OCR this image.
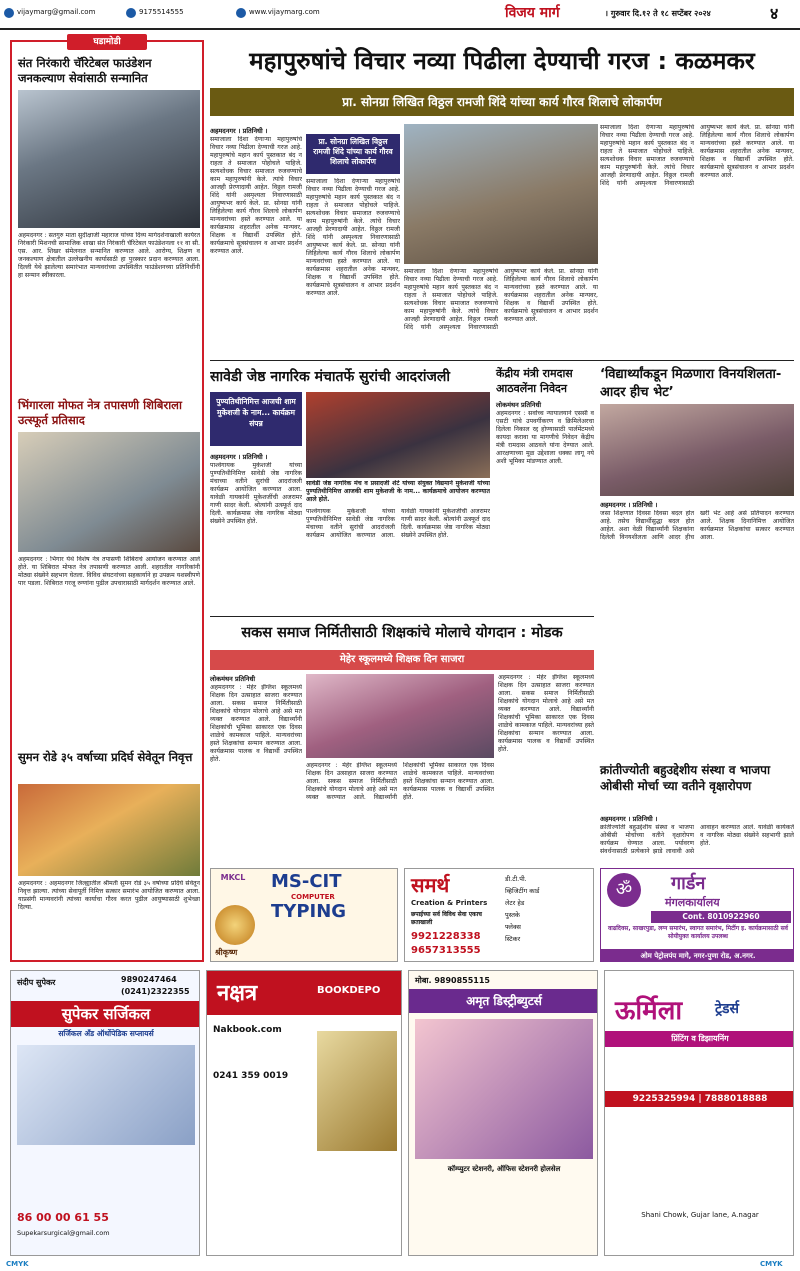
vijaymarg@gmail.com	9175514555	www.vijaymarg.com	विजय मार्ग	। गुरुवार दि.१२ ते १८ सप्टेंबर २०२४	४
घडामोडी
संत निरंकारी चॅरिटेबल फाउंडेशन जनकल्याण सेवांसाठी सन्मानित
अहमदनगर : सतगुरु माता सुदीक्षाजी महाराज यांच्या दिव्य मार्गदर्शनाखाली कार्यरत निरंकारी मिशनची सामाजिक शाखा संत निरंकारी चॅरिटेबल फाउंडेशनला ११ वा सी. एस. आर. शिखर संमेलनात सन्मानित करण्यात आले. आरोग्य, शिक्षण व जनकल्याण क्षेत्रातील उल्लेखनीय कार्यासाठी हा पुरस्कार प्रदान करण्यात आला. दिल्ली येथे झालेल्या समारंभात मान्यवरांच्या उपस्थितीत फाउंडेशनच्या प्रतिनिधींनी हा सन्मान स्वीकारला.
भिंगारला मोफत नेत्र तपासणी शिबिराला उत्स्फूर्त प्रतिसाद
अहमदनगर : भिंगार येथे विशेष नेत्र तपासणी शिबिराचे आयोजन करण्यात आले होते. या शिबिरात मोफत नेत्र तपासणी करण्यात आली. शहरातील नागरिकांनी मोठ्या संख्येने सहभाग घेतला. विविध संघटनांच्या सहकार्याने हा उपक्रम यशस्वीपणे पार पडला. शिबिरात गरजू रुग्णांना पुढील उपचारासाठी मार्गदर्शन करण्यात आले.
सुमन रोडे ३५ वर्षाच्या प्रदिर्घ सेवेतून निवृत्त
अहमदनगर : अहमदनगर जिल्ह्यातील श्रीमती सुमन रोडे ३५ वर्षाच्या प्रदिर्घ सेवेतून निवृत्त झाल्या. त्यांच्या सेवापूर्ती निमित्त सत्कार समारंभ आयोजित करण्यात आला. याप्रसंगी मान्यवरांनी त्यांच्या कार्याचा गौरव करत पुढील आयुष्यासाठी शुभेच्छा दिल्या.
महापुरुषांचे विचार नव्या पिढीला देण्याची गरज : कळमकर
प्रा. सोनग्रा लिखित विठ्ठल रामजी शिंदे यांच्या कार्य गौरव शिलाचे लोकार्पण
अहमदनगर । प्रतिनिधी ।
समाजाला दिशा देणाऱ्या महापुरुषांचे विचार नव्या पिढीला देण्याची गरज आहे. महापुरुषांचे महान कार्य पुस्तकात बंद न राहता ते समाजात पोहोचले पाहिजे. सत्यशोधक विचार समाजात रुजवण्याचे काम महापुरुषांनी केले. त्यांचे विचार आजही प्रेरणादायी आहेत. विठ्ठल रामजी शिंदे यांनी अस्पृश्यता निवारणासाठी आयुष्यभर कार्य केले. प्रा. सोनग्रा यांनी लिहिलेल्या कार्य गौरव शिलाचे लोकार्पण मान्यवरांच्या हस्ते करण्यात आले. या कार्यक्रमास शहरातील अनेक मान्यवर, शिक्षक व विद्यार्थी उपस्थित होते. कार्यक्रमाचे सूत्रसंचालन व आभार प्रदर्शन करण्यात आले.
प्रा. सोनग्रा लिखित विठ्ठल रामजी शिंदे यांच्या कार्य गौरव शिलाचे लोकार्पण
समाजाला दिशा देणाऱ्या महापुरुषांचे विचार नव्या पिढीला देण्याची गरज आहे. महापुरुषांचे महान कार्य पुस्तकात बंद न राहता ते समाजात पोहोचले पाहिजे. सत्यशोधक विचार समाजात रुजवण्याचे काम महापुरुषांनी केले. त्यांचे विचार आजही प्रेरणादायी आहेत. विठ्ठल रामजी शिंदे यांनी अस्पृश्यता निवारणासाठी आयुष्यभर कार्य केले. प्रा. सोनग्रा यांनी लिहिलेल्या कार्य गौरव शिलाचे लोकार्पण मान्यवरांच्या हस्ते करण्यात आले. या कार्यक्रमास शहरातील अनेक मान्यवर, शिक्षक व विद्यार्थी उपस्थित होते. कार्यक्रमाचे सूत्रसंचालन व आभार प्रदर्शन करण्यात आले.
समाजाला दिशा देणाऱ्या महापुरुषांचे विचार नव्या पिढीला देण्याची गरज आहे. महापुरुषांचे महान कार्य पुस्तकात बंद न राहता ते समाजात पोहोचले पाहिजे. सत्यशोधक विचार समाजात रुजवण्याचे काम महापुरुषांनी केले. त्यांचे विचार आजही प्रेरणादायी आहेत. विठ्ठल रामजी शिंदे यांनी अस्पृश्यता निवारणासाठी आयुष्यभर कार्य केले. प्रा. सोनग्रा यांनी लिहिलेल्या कार्य गौरव शिलाचे लोकार्पण मान्यवरांच्या हस्ते करण्यात आले. या कार्यक्रमास शहरातील अनेक मान्यवर, शिक्षक व विद्यार्थी उपस्थित होते. कार्यक्रमाचे सूत्रसंचालन व आभार प्रदर्शन करण्यात आले.
समाजाला दिशा देणाऱ्या महापुरुषांचे विचार नव्या पिढीला देण्याची गरज आहे. महापुरुषांचे महान कार्य पुस्तकात बंद न राहता ते समाजात पोहोचले पाहिजे. सत्यशोधक विचार समाजात रुजवण्याचे काम महापुरुषांनी केले. त्यांचे विचार आजही प्रेरणादायी आहेत. विठ्ठल रामजी शिंदे यांनी अस्पृश्यता निवारणासाठी आयुष्यभर कार्य केले. प्रा. सोनग्रा यांनी लिहिलेल्या कार्य गौरव शिलाचे लोकार्पण मान्यवरांच्या हस्ते करण्यात आले. या कार्यक्रमास शहरातील अनेक मान्यवर, शिक्षक व विद्यार्थी उपस्थित होते. कार्यक्रमाचे सूत्रसंचालन व आभार प्रदर्शन करण्यात आले.
सावेडी जेष्ठ नागरिक मंचातर्फे सुरांची आदरांजली
पुण्यतिथीनिमित्त आजची शाम मुकेशजी के नाम... कार्यक्रम संपन्न
सावेडी जेष्ठ नागरिक मंच व प्रसादजी शेटे यांच्या संयुक्त विद्यमाने मुकेशजी यांच्या पुण्यतिथीनिमित्त आजकी शाम मुकेशजी के नाम... कार्यक्रमाचे आयोजन करण्यात आले होते.
अहमदनगर । प्रतिनिधी ।
पार्श्वगायक मुकेशजी यांच्या पुण्यतिथीनिमित्त सावेडी जेष्ठ नागरिक मंचाच्या वतीने सुरांची आदरांजली कार्यक्रम आयोजित करण्यात आला. यावेळी गायकांनी मुकेशजींची अजरामर गाणी सादर केली. श्रोत्यांनी उत्स्फूर्त दाद दिली. कार्यक्रमास जेष्ठ नागरिक मोठ्या संख्येने उपस्थित होते.
पार्श्वगायक मुकेशजी यांच्या पुण्यतिथीनिमित्त सावेडी जेष्ठ नागरिक मंचाच्या वतीने सुरांची आदरांजली कार्यक्रम आयोजित करण्यात आला. यावेळी गायकांनी मुकेशजींची अजरामर गाणी सादर केली. श्रोत्यांनी उत्स्फूर्त दाद दिली. कार्यक्रमास जेष्ठ नागरिक मोठ्या संख्येने उपस्थित होते.
केंद्रीय मंत्री रामदास आठवलेंना निवेदन
लोकमंथन प्रतिनिधी
अहमदनगर : सर्वोच्च न्यायालयाने एससी व एसटी यांचे उपवर्गीकरण व क्रिमिलेअरचा दिलेला निकाल रद्द होण्यासाठी पार्लमेंटमध्ये कायदा करावा या मागणीचे निवेदन केंद्रीय मंत्री रामदास आठवले यांना देण्यात आले. आरक्षणाच्या मूळ उद्देशाला धक्का लागू नये अशी भूमिका मांडण्यात आली.
‘विद्यार्थ्यांकडून मिळणारा विनयशिलता-आदर हीच भेट’
अहमदनगर । प्रतिनिधी ।
जसा शिक्षणात दिवसा दिवसा बदल होत आहे. तसेच विद्यार्थीसुद्धा बदल होत आहेत. अशा वेळी विद्यार्थ्यांनी शिक्षकांना दिलेली विनयशीलता आणि आदर हीच खरी भेट आहे असे प्रतिपादन करण्यात आले. शिक्षक दिनानिमित्त आयोजित कार्यक्रमात शिक्षकांचा सत्कार करण्यात आला.
सकस समाज निर्मितीसाठी शिक्षकांचे मोलाचे योगदान : मोडक
मेहेर स्कूलमध्ये शिक्षक दिन साजरा
लोकमंथन प्रतिनिधी
अहमदनगर : मेहेर इंग्लिश स्कूलमध्ये शिक्षक दिन उत्साहात साजरा करण्यात आला. सकस समाज निर्मितीसाठी शिक्षकांचे योगदान मोलाचे आहे असे मत व्यक्त करण्यात आले. विद्यार्थ्यांनी शिक्षकांची भूमिका साकारत एक दिवस शाळेचे कामकाज पाहिले. मान्यवरांच्या हस्ते शिक्षकांचा सन्मान करण्यात आला. कार्यक्रमास पालक व विद्यार्थी उपस्थित होते.
अहमदनगर : मेहेर इंग्लिश स्कूलमध्ये शिक्षक दिन उत्साहात साजरा करण्यात आला. सकस समाज निर्मितीसाठी शिक्षकांचे योगदान मोलाचे आहे असे मत व्यक्त करण्यात आले. विद्यार्थ्यांनी शिक्षकांची भूमिका साकारत एक दिवस शाळेचे कामकाज पाहिले. मान्यवरांच्या हस्ते शिक्षकांचा सन्मान करण्यात आला. कार्यक्रमास पालक व विद्यार्थी उपस्थित होते.
अहमदनगर : मेहेर इंग्लिश स्कूलमध्ये शिक्षक दिन उत्साहात साजरा करण्यात आला. सकस समाज निर्मितीसाठी शिक्षकांचे योगदान मोलाचे आहे असे मत व्यक्त करण्यात आले. विद्यार्थ्यांनी शिक्षकांची भूमिका साकारत एक दिवस शाळेचे कामकाज पाहिले. मान्यवरांच्या हस्ते शिक्षकांचा सन्मान करण्यात आला. कार्यक्रमास पालक व विद्यार्थी उपस्थित होते.
क्रांतीज्योती बहुउद्देशीय संस्था व भाजपा ओबीसी मोर्चा च्या वतीने वृक्षारोपण
अहमदनगर । प्रतिनिधी ।
क्रांतीज्योती बहुउद्देशीय संस्था व भाजपा ओबीसी मोर्चाच्या वतीने वृक्षारोपण कार्यक्रम घेण्यात आला. पर्यावरण संवर्धनासाठी प्रत्येकाने झाडे लावावी असे आवाहन करण्यात आले. यावेळी कार्यकर्ते व नागरिक मोठ्या संख्येने सहभागी झाले होते.
MKCL	MS-CIT
COMPUTER
TYPING
श्रीकृष्ण
समर्थ
Creation & Printers
छपाईच्या सर्व विविध सेवा एकाच छताखाली
9921228338
9657313555
डी.टी.पी.
व्हिजिटींग कार्ड
लेटर हेड
पुस्तके
फ्लेक्स
स्टिकर
ॐ	गार्डन
मंगलकार्यालय
Cont. 8010922960
वाढदिवस, साखरपुडा, लग्न समारंभ, स्वागत समारंभ, मिटींग इ. कार्यक्रमासाठी सर्व सोयीयुक्त कार्यालय उपलब्ध
ओम पेट्रोलपंप मागे, नगर-पुणा रोड, अ.नगर.
संदीप सुपेकर	9890247464
(0241)2322355
सुपेकर सर्जिकल
सर्जिकल अँड ऑर्थोपेडिक सप्लायर्स
86 00 00 61 55
Supekarsurgical@gmail.com
नक्षत्र	BOOKDEPO
Nakbook.com
0241 359 0019
मोबा. 9890855115
अमृत डिस्ट्रीब्युटर्स
कॉम्प्युटर स्टेशनरी, ऑफिस स्टेशनरी होलसेल
ऊर्मिला ट्रेडर्स
प्रिंटिंग व डिझायनिंग
9225325994 | 7888018888
Shani Chowk, Gujar lane, A.nagar
CMYK	CMYK
